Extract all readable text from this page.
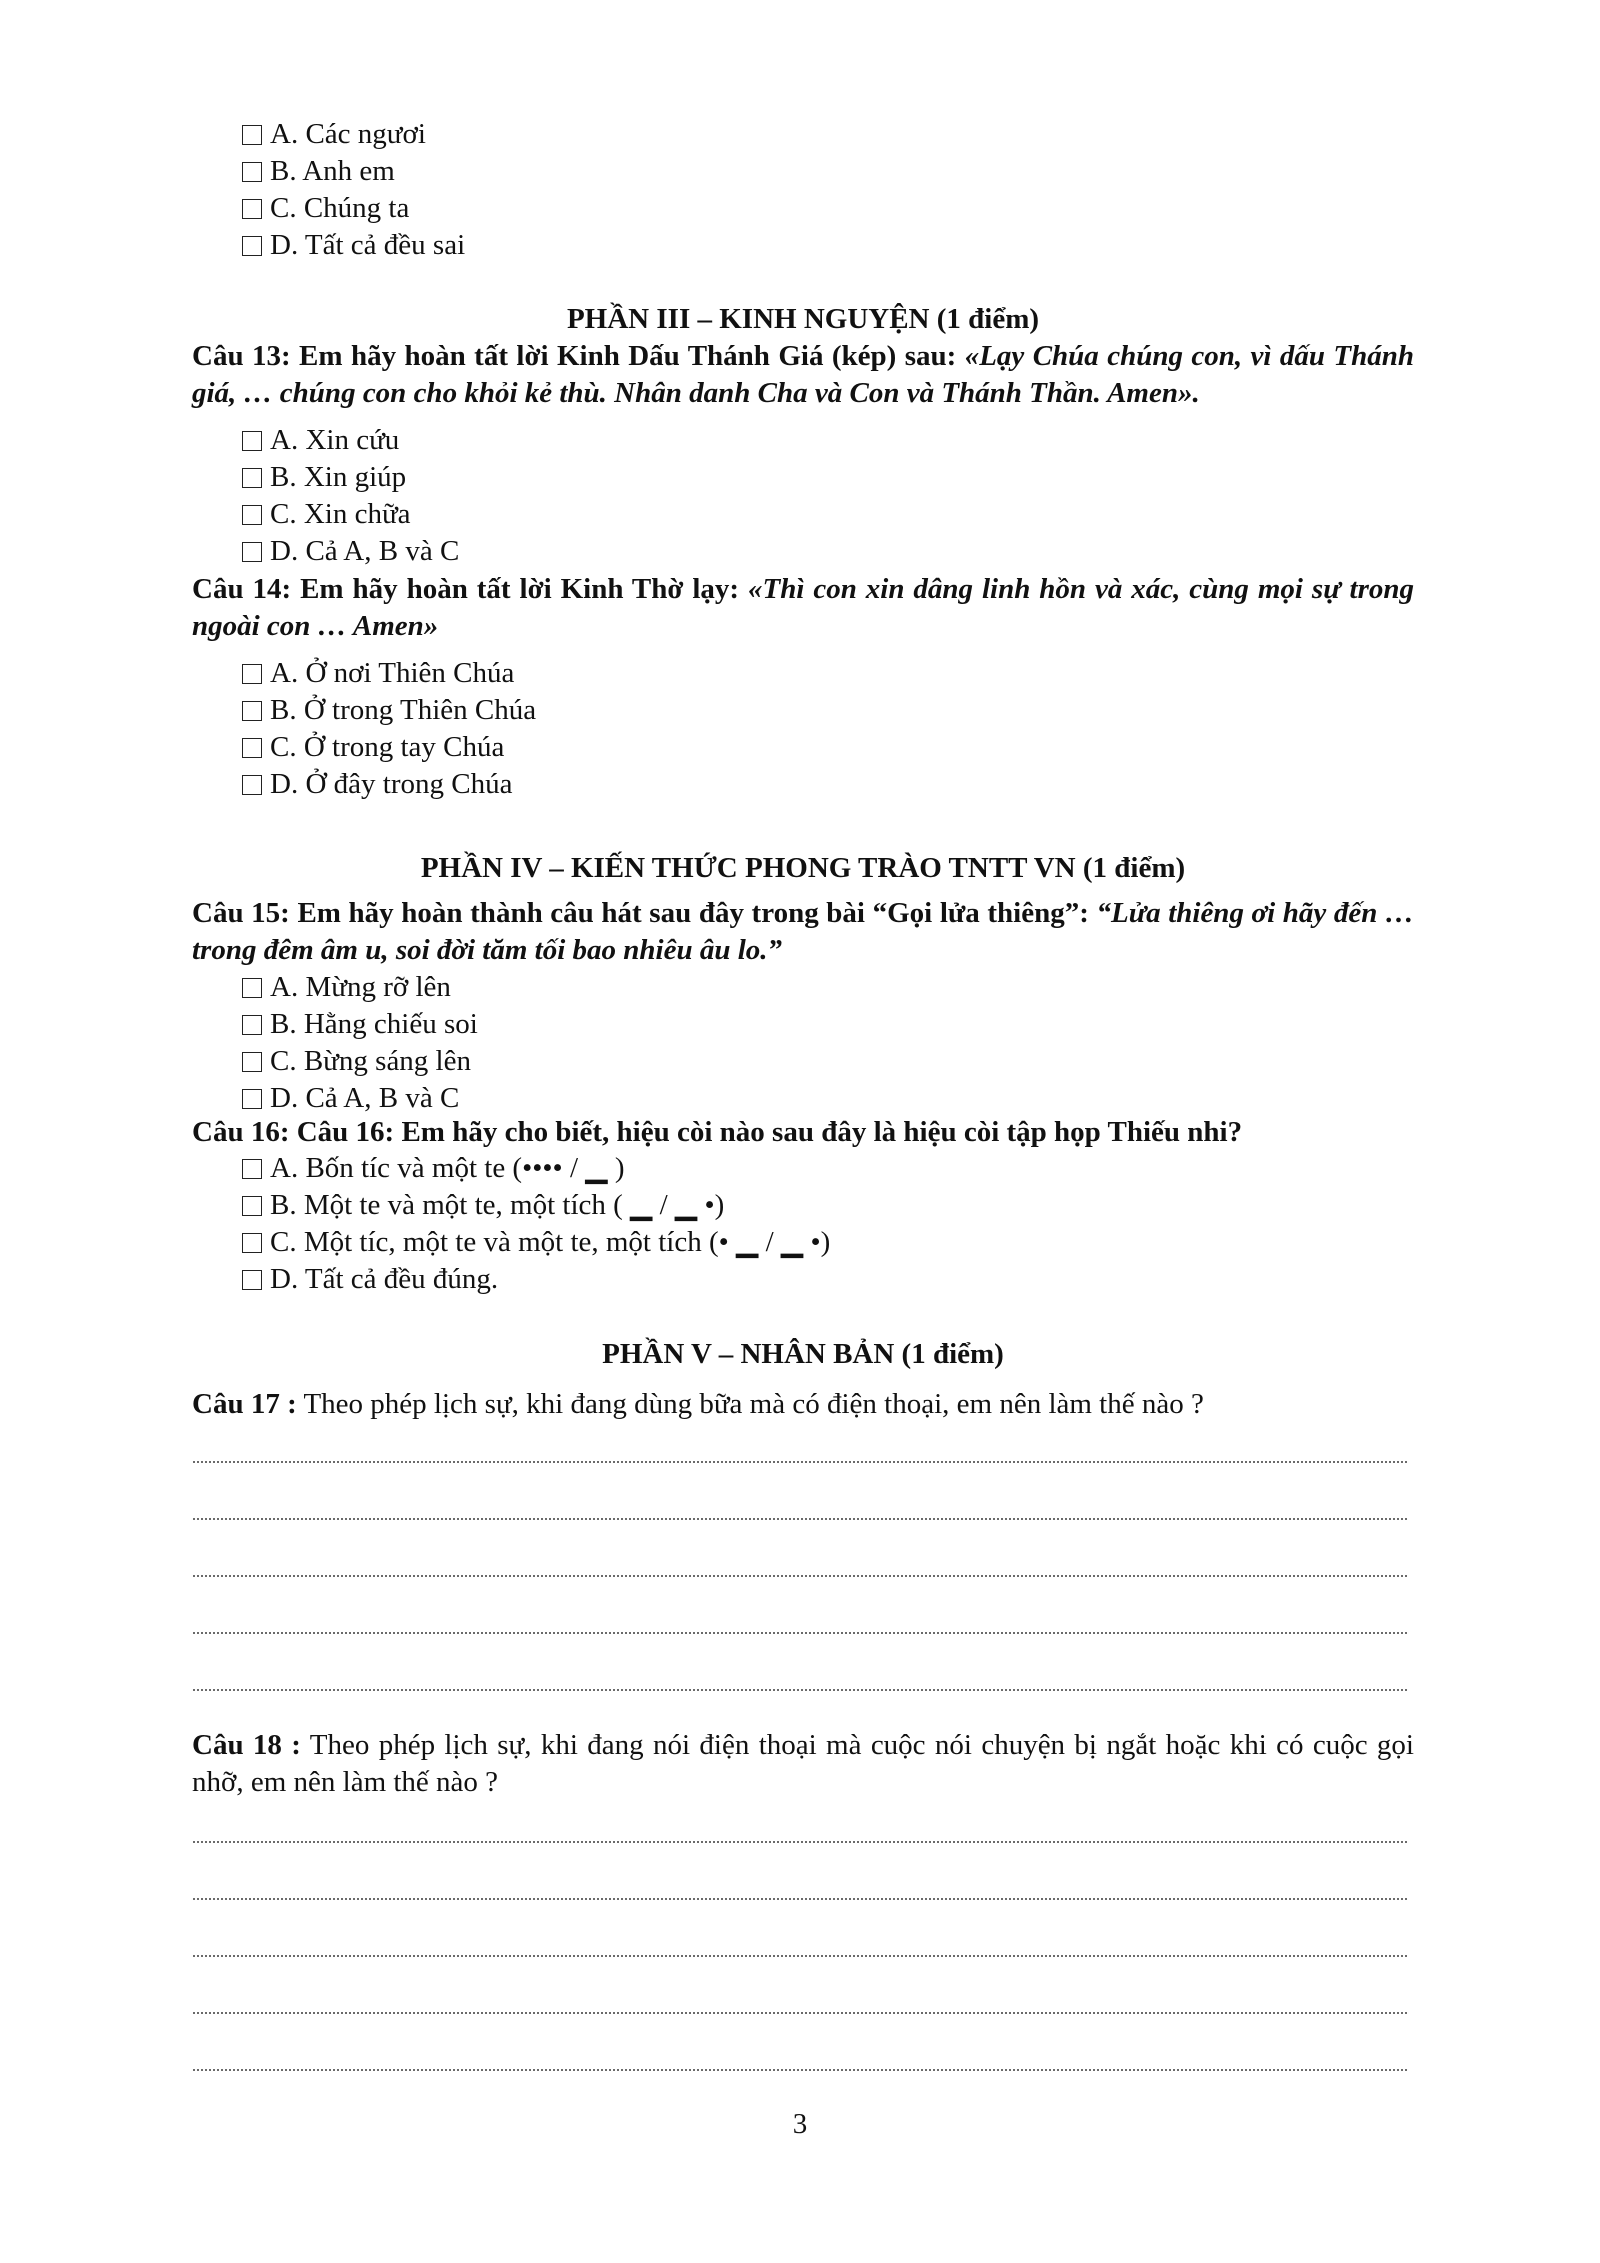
A. Các ngươi
B. Anh em
C. Chúng ta
D. Tất cả đều sai
PHẦN III – KINH NGUYỆN (1 điểm)
Câu 13: Em hãy hoàn tất lời Kinh Dấu Thánh Giá (kép) sau: «Lạy Chúa chúng con, vì dấu Thánh giá, … chúng con cho khỏi kẻ thù. Nhân danh Cha và Con và Thánh Thần. Amen».
A. Xin cứu
B. Xin giúp
C. Xin chữa
D. Cả A, B và C
Câu 14: Em hãy hoàn tất lời Kinh Thờ lạy: «Thì con xin dâng linh hồn và xác, cùng mọi sự trong ngoài con … Amen»
A. Ở nơi Thiên Chúa
B. Ở trong Thiên Chúa
C. Ở trong tay Chúa
D. Ở đây trong Chúa
PHẦN IV – KIẾN THỨC PHONG TRÀO TNTT VN (1 điểm)
Câu 15: Em hãy hoàn thành câu hát sau đây trong bài “Gọi lửa thiêng”: “Lửa thiêng ơi hãy đến … trong đêm âm u, soi đời tăm tối bao nhiêu âu lo.”
A. Mừng rỡ lên
B. Hằng chiếu soi
C. Bừng sáng lên
D. Cả A, B và C
Câu 16: Câu 16: Em hãy cho biết, hiệu còi nào sau đây là hiệu còi tập họp Thiếu nhi?
A. Bốn tíc và một te (•••• / ▁ )
B. Một te và một te, một tích ( ▁ / ▁ •)
C. Một tíc, một te và một te, một tích (• ▁ / ▁ •)
D. Tất cả đều đúng.
PHẦN V – NHÂN BẢN (1 điểm)
Câu 17 : Theo phép lịch sự, khi đang dùng bữa mà có điện thoại, em nên làm thế nào ?
Câu 18 : Theo phép lịch sự, khi đang nói điện thoại mà cuộc nói chuyện bị ngắt hoặc khi có cuộc gọi nhỡ, em nên làm thế nào ?
3
